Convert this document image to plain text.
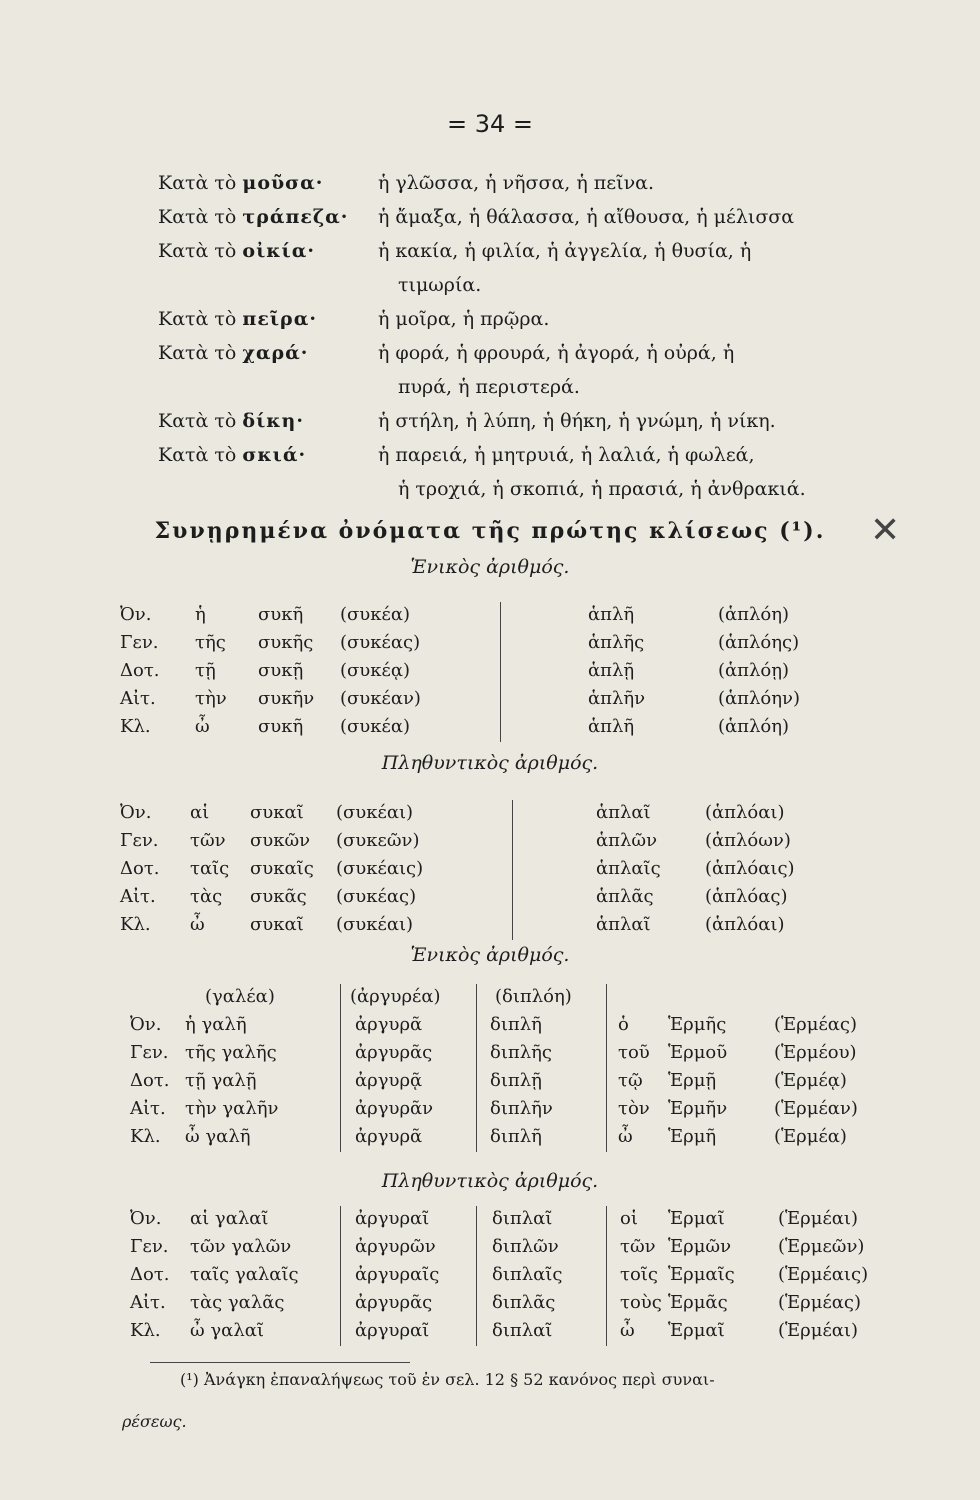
= 34 =
Κατὰ τὸ μοῦσα·	ἡ γλῶσσα, ἡ νῆσσα, ἡ πεῖνα.
Κατὰ τὸ τράπεζα· ἡ ἄμαξα, ἡ θάλασσα, ἡ αἴθουσα, ἡ μέλισσα
Κατὰ τὸ οἰκία·	ἡ κακία, ἡ φιλία, ἡ ἀγγελία, ἡ θυσία, ἡ
τιμωρία.
Κατὰ τὸ πεῖρα·	ἡ μοῖρα, ἡ πρῷρα.
Κατὰ τὸ χαρά·	ἡ φορά, ἡ φρουρά, ἡ ἀγορά, ἡ οὐρά, ἡ
πυρά, ἡ περιστερά.
Κατὰ τὸ δίκη·	ἡ στήλη, ἡ λύπη, ἡ θήκη, ἡ γνώμη, ἡ νίκη.
Κατὰ τὸ σκιά·	ἡ παρειά, ἡ μητρυιά, ἡ λαλιά, ἡ φωλεά,
ἡ τροχιά, ἡ σκοπιά, ἡ πρασιά, ἡ ἀνθρακιά.
Συνῃρημένα ὀνόματα τῆς πρώτης κλίσεως (¹).	✕
Ἑνικὸς ἀριθμός.
Ὀν. ἡ	συκῆ (συκέα)	ἁπλῆ	(ἁπλόη)
Γεν. τῆς συκῆς (συκέας)	ἁπλῆς	(ἁπλόης)
Δοτ. τῇ συκῇ (συκέᾳ)	ἁπλῇ	(ἁπλόῃ)
Αἰτ. τὴν συκῆν (συκέαν)	ἁπλῆν	(ἁπλόην)
Κλ. ὦ	συκῆ (συκέα)	ἁπλῆ	(ἁπλόη)
Πληθυντικὸς ἀριθμός.
Ὀν. αἱ συκαῖ (συκέαι)	ἁπλαῖ	(ἁπλόαι)
Γεν. τῶν συκῶν (συκεῶν)	ἁπλῶν	(ἁπλόων)
Δοτ. ταῖς συκαῖς (συκέαις)	ἁπλαῖς (ἁπλόαις)
Αἰτ. τὰς συκᾶς (συκέας)	ἁπλᾶς	(ἁπλόας)
Κλ. ὦ	συκαῖ (συκέαι)	ἁπλαῖ	(ἁπλόαι)
Ἑνικὸς ἀριθμός.
(γαλέα)	(ἀργυρέα)	(διπλόη)
Ὀν. ἡ γαλῆ	ἀργυρᾶ	διπλῆ	ὁ Ἑρμῆς	(Ἑρμέας)
Γεν. τῆς γαλῆς	ἀργυρᾶς	διπλῆς	τοῦ Ἑρμοῦ	(Ἑρμέου)
Δοτ. τῇ γαλῇ	ἀργυρᾷ	διπλῇ	τῷ Ἑρμῇ	(Ἑρμέᾳ)
Αἰτ. τὴν γαλῆν	ἀργυρᾶν	διπλῆν	τὸν Ἑρμῆν	(Ἑρμέαν)
Κλ. ὦ γαλῆ	ἀργυρᾶ	διπλῆ	ὦ Ἑρμῆ	(Ἑρμέα)
Πληθυντικὸς ἀριθμός.
Ὀν. αἱ γαλαῖ	ἀργυραῖ	διπλαῖ	οἱ Ἑρμαῖ	(Ἑρμέαι)
Γεν. τῶν γαλῶν	ἀργυρῶν	διπλῶν	τῶν Ἑρμῶν	(Ἑρμεῶν)
Δοτ. ταῖς γαλαῖς	ἀργυραῖς	διπλαῖς	τοῖς Ἑρμαῖς (Ἑρμέαις)
Αἰτ. τὰς γαλᾶς	ἀργυρᾶς	διπλᾶς	τοὺς Ἑρμᾶς	(Ἑρμέας)
Κλ. ὦ γαλαῖ	ἀργυραῖ	διπλαῖ	ὦ Ἑρμαῖ	(Ἑρμέαι)
(¹) Ἀνάγκη ἐπαναλήψεως τοῦ ἐν σελ. 12 § 52 κανόνος περὶ συναι-
ρέσεως.
